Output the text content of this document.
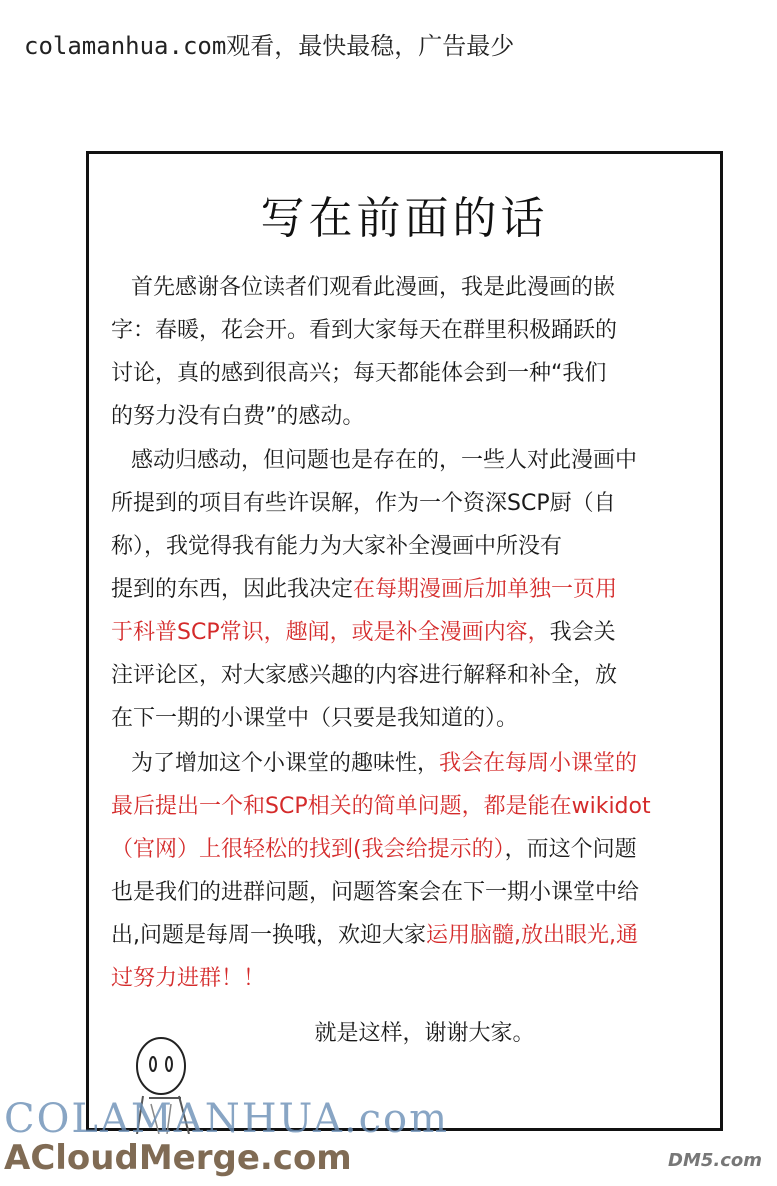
colamanhua.com观看，最快最稳，广告最少
写在前面的话
首先感谢各位读者们观看此漫画，我是此漫画的嵌
字：春暖，花会开。看到大家每天在群里积极踊跃的
讨论，真的感到很高兴；每天都能体会到一种“我们
的努力没有白费”的感动。
感动归感动，但问题也是存在的，一些人对此漫画中
所提到的项目有些许误解，作为一个资深SCP厨（自
称），我觉得我有能力为大家补全漫画中所没有
提到的东西，因此我决定在每期漫画后加单独一页用
于科普SCP常识，趣闻，或是补全漫画内容，我会关
注评论区，对大家感兴趣的内容进行解释和补全，放
在下一期的小课堂中（只要是我知道的）。
为了增加这个小课堂的趣味性，我会在每周小课堂的
最后提出一个和SCP相关的简单问题，都是能在wikidot
（官网）上很轻松的找到(我会给提示的），而这个问题
也是我们的进群问题，问题答案会在下一期小课堂中给
出,问题是每周一换哦，欢迎大家运用脑髓,放出眼光,通
过努力进群！！
就是这样，谢谢大家。
COLAMANHUA.com
ACloudMerge.com	DM5.com
